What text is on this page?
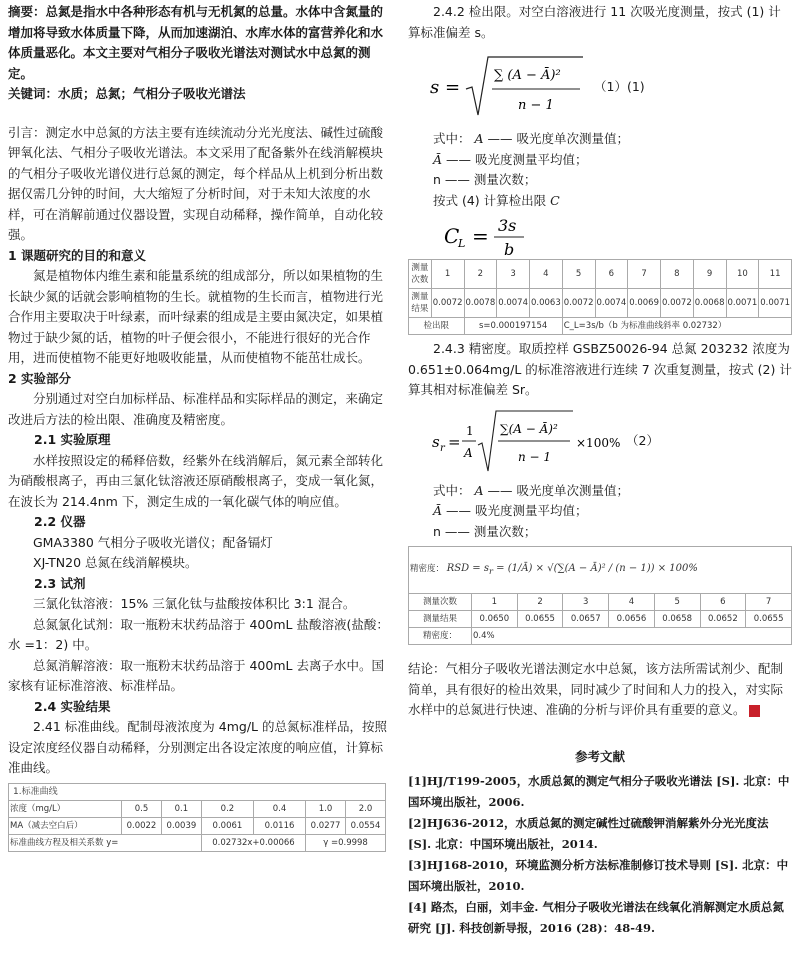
摘要：总氮是指水中各种形态有机与无机氮的总量。水体中含氮量的增加将导致水体质量下降，从而加速湖泊、水库水体的富营养化和水体质量恶化。本文主要对气相分子吸收光谱法对测试水中总氮的测定。

关键词：水质；总氮；气相分子吸收光谱法

引言：测定水中总氮的方法主要有连续流动分光光度法、碱性过硫酸钾氧化法、气相分子吸收光谱法。本文采用了配备紫外在线消解模块的气相分子吸收光谱仪进行总氮的测定，每个样品从上机到分析出数据仅需几分钟的时间，大大缩短了分析时间，对于未知大浓度的水样，可在消解前通过仪器设置，实现自动稀释，操作简单，自动化较强。

1 课题研究的目的和意义

氮是植物体内维生素和能量系统的组成部分，所以如果植物的生长缺少氮的话就会影响植物的生长。就植物的生长而言，植物进行光合作用主要取决于叶绿素，而叶绿素的组成是主要由氮决定，如果植物过于缺少氮的话，植物的叶子便会很小，不能进行很好的光合作用，进而使植物不能更好地吸收能量，从而使植物不能茁壮成长。

2 实验部分

分别通过对空白加标样品、标准样品和实际样品的测定，来确定改进后方法的检出限、准确度及精密度。

2.1 实验原理

水样按照设定的稀释倍数，经紫外在线消解后，氮元素全部转化为硝酸根离子，再由三氯化钛溶液还原硝酸根离子，变成一氧化氮，在波长为 214.4nm 下，测定生成的一氧化碳气体的响应值。

2.2 仪器

GMA3380 气相分子吸收光谱仪；配备镉灯

XJ-TN20 总氮在线消解模块。

2.3 试剂

三氯化钛溶液：15% 三氯化钛与盐酸按体积比 3:1 混合。

总氮氯化试剂：取一瓶粉末状药品溶于 400mL 盐酸溶液(盐酸：水 =1：2) 中。

总氮消解溶液：取一瓶粉末状药品溶于 400mL 去离子水中。国家核有证标准溶液、标准样品。

2.4 实验结果

2.41 标准曲线。配制母液浓度为 4mg/L 的总氮标准样品，按照设定浓度经仪器自动稀释，分别测定出各设定浓度的响应值，计算标准曲线。

1.标准曲线						
浓度（mg/L）	0.5	0.1	0.2	0.4	1.0	2.0
MA（减去空白后）	0.0022	0.0039	0.0061	0.0116	0.0277	0.0554
标准曲线方程及相关系数 y=			0.02732x+0.00066		γ =0.9998	

2.4.2 检出限。对空白溶液进行 11 次吸光度测量，按式 (1) 计算标准偏差 s。

s =
∑ (A − Ā)²
n − 1
（1）(1)

式中： A —— 吸光度单次测量值；

Ā —— 吸光度测量平均值；

n —— 测量次数；

按式 (4) 计算检出限 C

C
L = 3s
b
测量次数	1	2	3	4	5	6	7	8	9	10	11
测量结果	0.0072	0.0078	0.0074	0.0063	0.0072	0.0074	0.0069	0.0072	0.0068	0.0071	0.0071
检出限		s=0.000197154			C_L=3s/b（b 为标准曲线斜率 0.02732）						

2.4.3 精密度。取质控样 GSBZ50026-94 总氮 203232 浓度为 0.651±0.064mg/L 的标准溶液进行连续 7 次重复测量，按式 (2) 计算其相对标准偏差 Sr。

s r =
1
A
∑(A − Ā)²
n − 1
×100% （2）

式中： A —— 吸光度单次测量值；

Ā —— 吸光度测量平均值；

n —— 测量次数；

精密度： RSD = $s_r$ = (1/Ā) × √(∑(A − Ā)² / (n − 1)) × 100%							
测量次数	1	2	3	4	5	6	7
测量结果	0.0650	0.0655	0.0657	0.0656	0.0658	0.0652	0.0655
精密度：	0.4%						

结论：气相分子吸收光谱法测定水中总氮，该方法所需试剂少、配制简单，具有很好的检出效果，同时减少了时间和人力的投入，对实际水样中的总氮进行快速、准确的分析与评价具有重要的意义。

参考文献

[1]HJ/T199-2005，水质总氮的测定气相分子吸收光谱法 [S]. 北京：中国环境出版社，2006.

[2]HJ636-2012，水质总氮的测定碱性过硫酸钾消解紫外分光光度法 [S]. 北京：中国环境出版社，2014.

[3]HJ168-2010，环境监测分析方法标准制修订技术导则 [S]. 北京：中国环境出版社，2010.

[4] 路杰，白丽，刘丰金. 气相分子吸收光谱法在线氧化消解测定水质总氮研究 [J]. 科技创新导报，2016 (28)：48-49.
